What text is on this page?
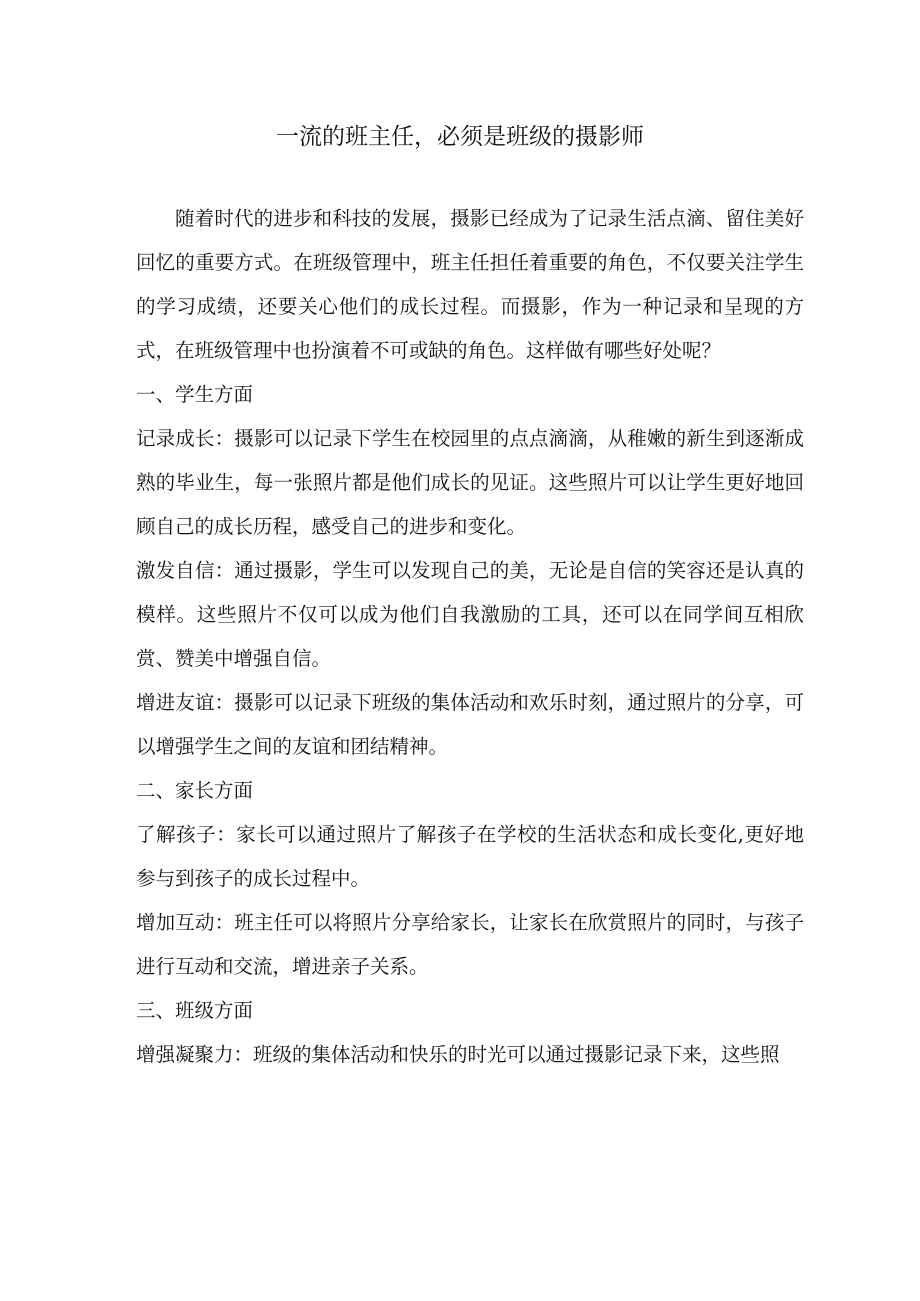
一流的班主任，必须是班级的摄影师

随着时代的进步和科技的发展，摄影已经成为了记录生活点滴、留住美好回忆的重要方式。在班级管理中，班主任担任着重要的角色，不仅要关注学生的学习成绩，还要关心他们的成长过程。而摄影，作为一种记录和呈现的方式，在班级管理中也扮演着不可或缺的角色。这样做有哪些好处呢？

一、学生方面

记录成长：摄影可以记录下学生在校园里的点点滴滴，从稚嫩的新生到逐渐成熟的毕业生，每一张照片都是他们成长的见证。这些照片可以让学生更好地回顾自己的成长历程，感受自己的进步和变化。

激发自信：通过摄影，学生可以发现自己的美，无论是自信的笑容还是认真的模样。这些照片不仅可以成为他们自我激励的工具，还可以在同学间互相欣赏、赞美中增强自信。

增进友谊：摄影可以记录下班级的集体活动和欢乐时刻，通过照片的分享，可以增强学生之间的友谊和团结精神。

二、家长方面

了解孩子：家长可以通过照片了解孩子在学校的生活状态和成长变化,更好地参与到孩子的成长过程中。

增加互动：班主任可以将照片分享给家长，让家长在欣赏照片的同时，与孩子进行互动和交流，增进亲子关系。

三、班级方面

增强凝聚力：班级的集体活动和快乐的时光可以通过摄影记录下来，这些照
